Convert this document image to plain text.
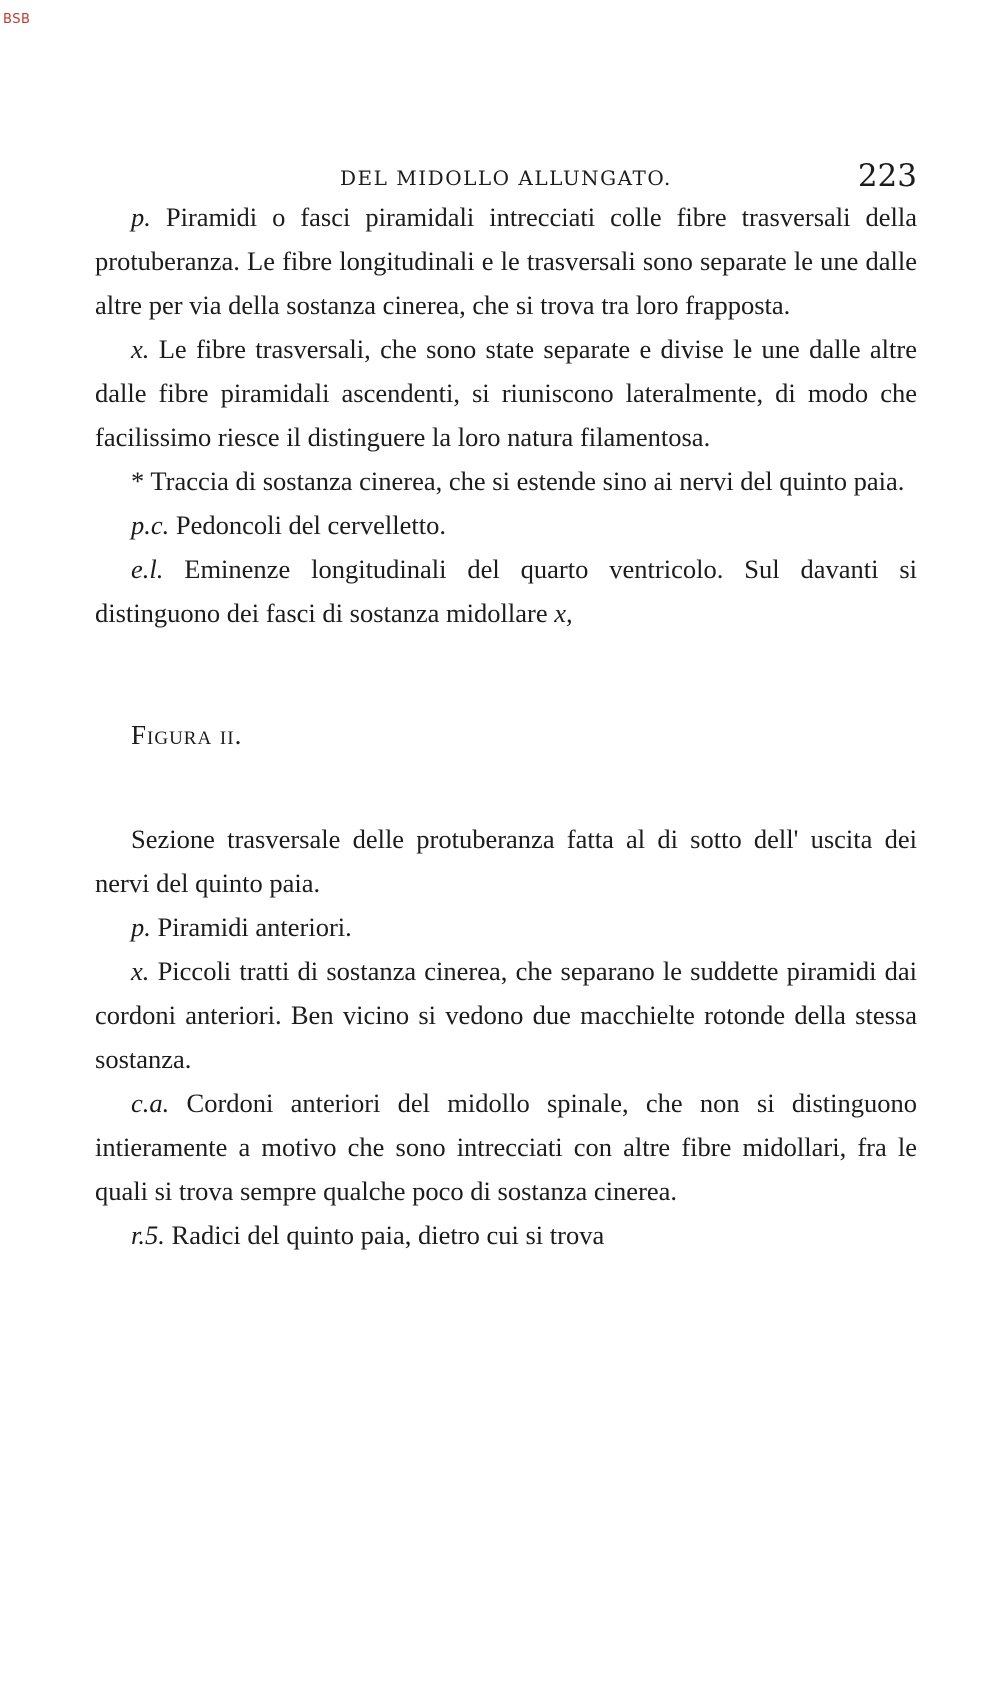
BSB
DEL MIDOLLO ALLUNGATO.	223

p. Piramidi o fasci piramidali intrecciati colle fibre trasversali della protuberanza. Le fibre longitudinali e le trasversali sono separate le une dalle altre per via della sostanza cinerea, che si trova tra loro frapposta.

x. Le fibre trasversali, che sono state separate e divise le une dalle altre dalle fibre piramidali ascendenti, si riuniscono lateralmente, di modo che facilissimo riesce il distinguere la loro natura filamentosa.

* Traccia di sostanza cinerea, che si estende sino ai nervi del quinto paia.

p.c. Pedoncoli del cervelletto.

e.l. Eminenze longitudinali del quarto ventricolo. Sul davanti si distinguono dei fasci di sostanza midollare x,

Figura ii.

Sezione trasversale delle protuberanza fatta al di sotto dell' uscita dei nervi del quinto paia.

p. Piramidi anteriori.

x. Piccoli tratti di sostanza cinerea, che separano le suddette piramidi dai cordoni anteriori. Ben vicino si vedono due macchielte rotonde della stessa sostanza.

c.a. Cordoni anteriori del midollo spinale, che non si distinguono intieramente a motivo che sono intrecciati con altre fibre midollari, fra le quali si trova sempre qualche poco di sostanza cinerea.

r.5. Radici del quinto paia, dietro cui si trova
